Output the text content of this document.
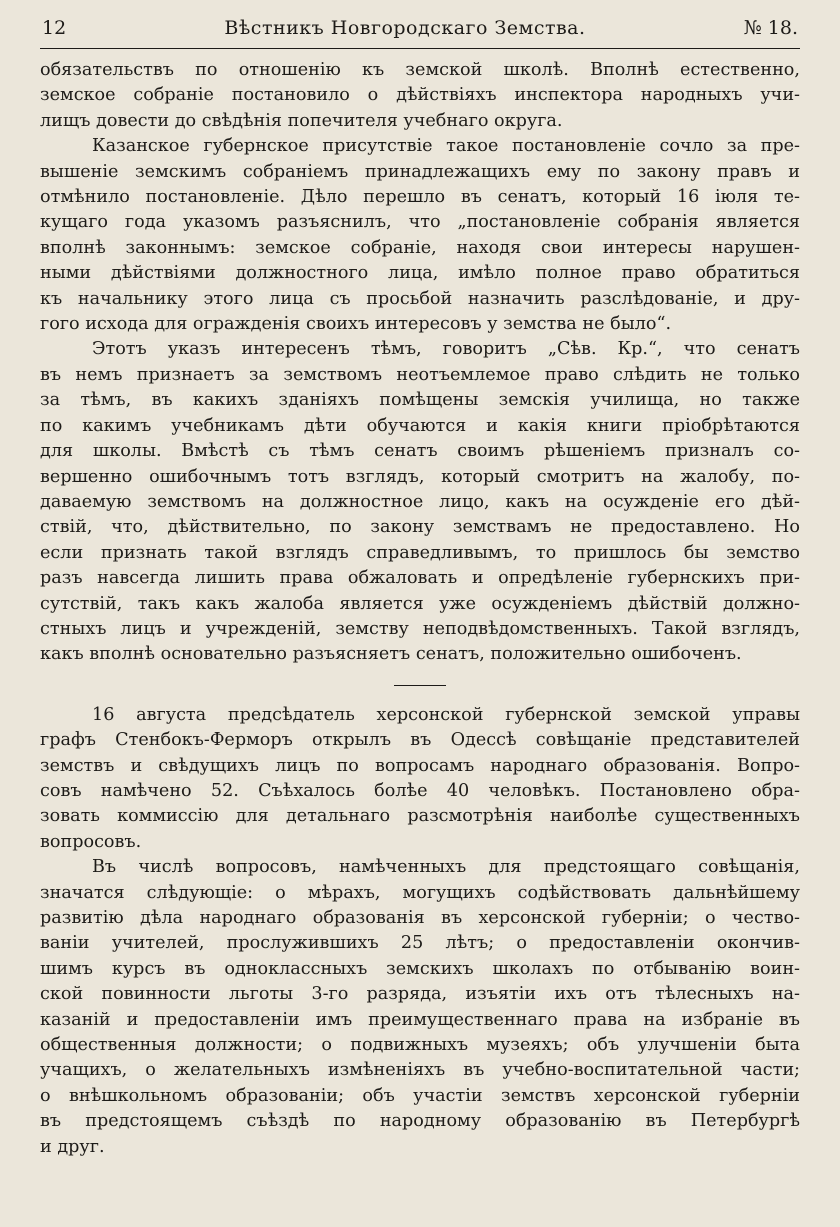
12	Вѣстникъ Новгородскаго Земства.	№ 18.

обязательствъ по отношенію къ земской школѣ. Вполнѣ естественно,
земское собраніе постановило о дѣйствіяхъ инспектора народныхъ учи-
лищъ довести до свѣдѣнія попечителя учебнаго округа.

Казанское губернское присутствіе такое постановленіе сочло за пре-
вышеніе земскимъ собраніемъ принадлежащихъ ему по закону правъ и
отмѣнило постановленіе. Дѣло перешло въ сенатъ, который 16 іюля те-
кущаго года указомъ разъяснилъ, что „постановленіе собранія является
вполнѣ законнымъ: земское собраніе, находя свои интересы нарушен-
ными дѣйствіями должностного лица, имѣло полное право обратиться
къ начальнику этого лица съ просьбой назначить разслѣдованіе, и дру-
гого исхода для огражденія своихъ интересовъ у земства не было“.

Этотъ указъ интересенъ тѣмъ, говоритъ „Сѣв. Кр.“, что сенатъ
въ немъ признаетъ за земствомъ неотъемлемое право слѣдить не только
за тѣмъ, въ какихъ зданіяхъ помѣщены земскія училища, но также
по какимъ учебникамъ дѣти обучаются и какія книги пріобрѣтаются
для школы. Вмѣстѣ съ тѣмъ сенатъ своимъ рѣшеніемъ призналъ со-
вершенно ошибочнымъ тотъ взглядъ, который смотритъ на жалобу, по-
даваемую земствомъ на должностное лицо, какъ на осужденіе его дѣй-
ствій, что, дѣйствительно, по закону земствамъ не предоставлено. Но
если признать такой взглядъ справедливымъ, то пришлось бы земство
разъ навсегда лишить права обжаловать и опредѣленіе губернскихъ при-
сутствій, такъ какъ жалоба является уже осужденіемъ дѣйствій должно-
стныхъ лицъ и учрежденій, земству неподвѣдомственныхъ. Такой взглядъ,
какъ вполнѣ основательно разъясняетъ сенатъ, положительно ошибоченъ.

16 августа предсѣдатель херсонской губернской земской управы
графъ Стенбокъ-Ферморъ открылъ въ Одессѣ совѣщаніе представителей
земствъ и свѣдущихъ лицъ по вопросамъ народнаго образованія. Вопро-
совъ намѣчено 52. Съѣхалось болѣе 40 человѣкъ. Постановлено обра-
зовать коммиссію для детальнаго разсмотрѣнія наиболѣе существенныхъ
вопросовъ.

Въ числѣ вопросовъ, намѣченныхъ для предстоящаго совѣщанія,
значатся слѣдующіе: о мѣрахъ, могущихъ содѣйствовать дальнѣйшему
развитію дѣла народнаго образованія въ херсонской губерніи; о чество-
ваніи учителей, прослужившихъ 25 лѣтъ; о предоставленіи окончив-
шимъ курсъ въ одноклассныхъ земскихъ школахъ по отбыванію воин-
ской повинности льготы 3-го разряда, изъятіи ихъ отъ тѣлесныхъ на-
казаній и предоставленіи имъ преимущественнаго права на избраніе въ
общественныя должности; о подвижныхъ музеяхъ; объ улучшеніи быта
учащихъ, о желательныхъ измѣненіяхъ въ учебно-воспитательной части;
о внѣшкольномъ образованіи; объ участіи земствъ херсонской губерніи
въ предстоящемъ съѣздѣ по народному образованію въ Петербургѣ
и друг.
